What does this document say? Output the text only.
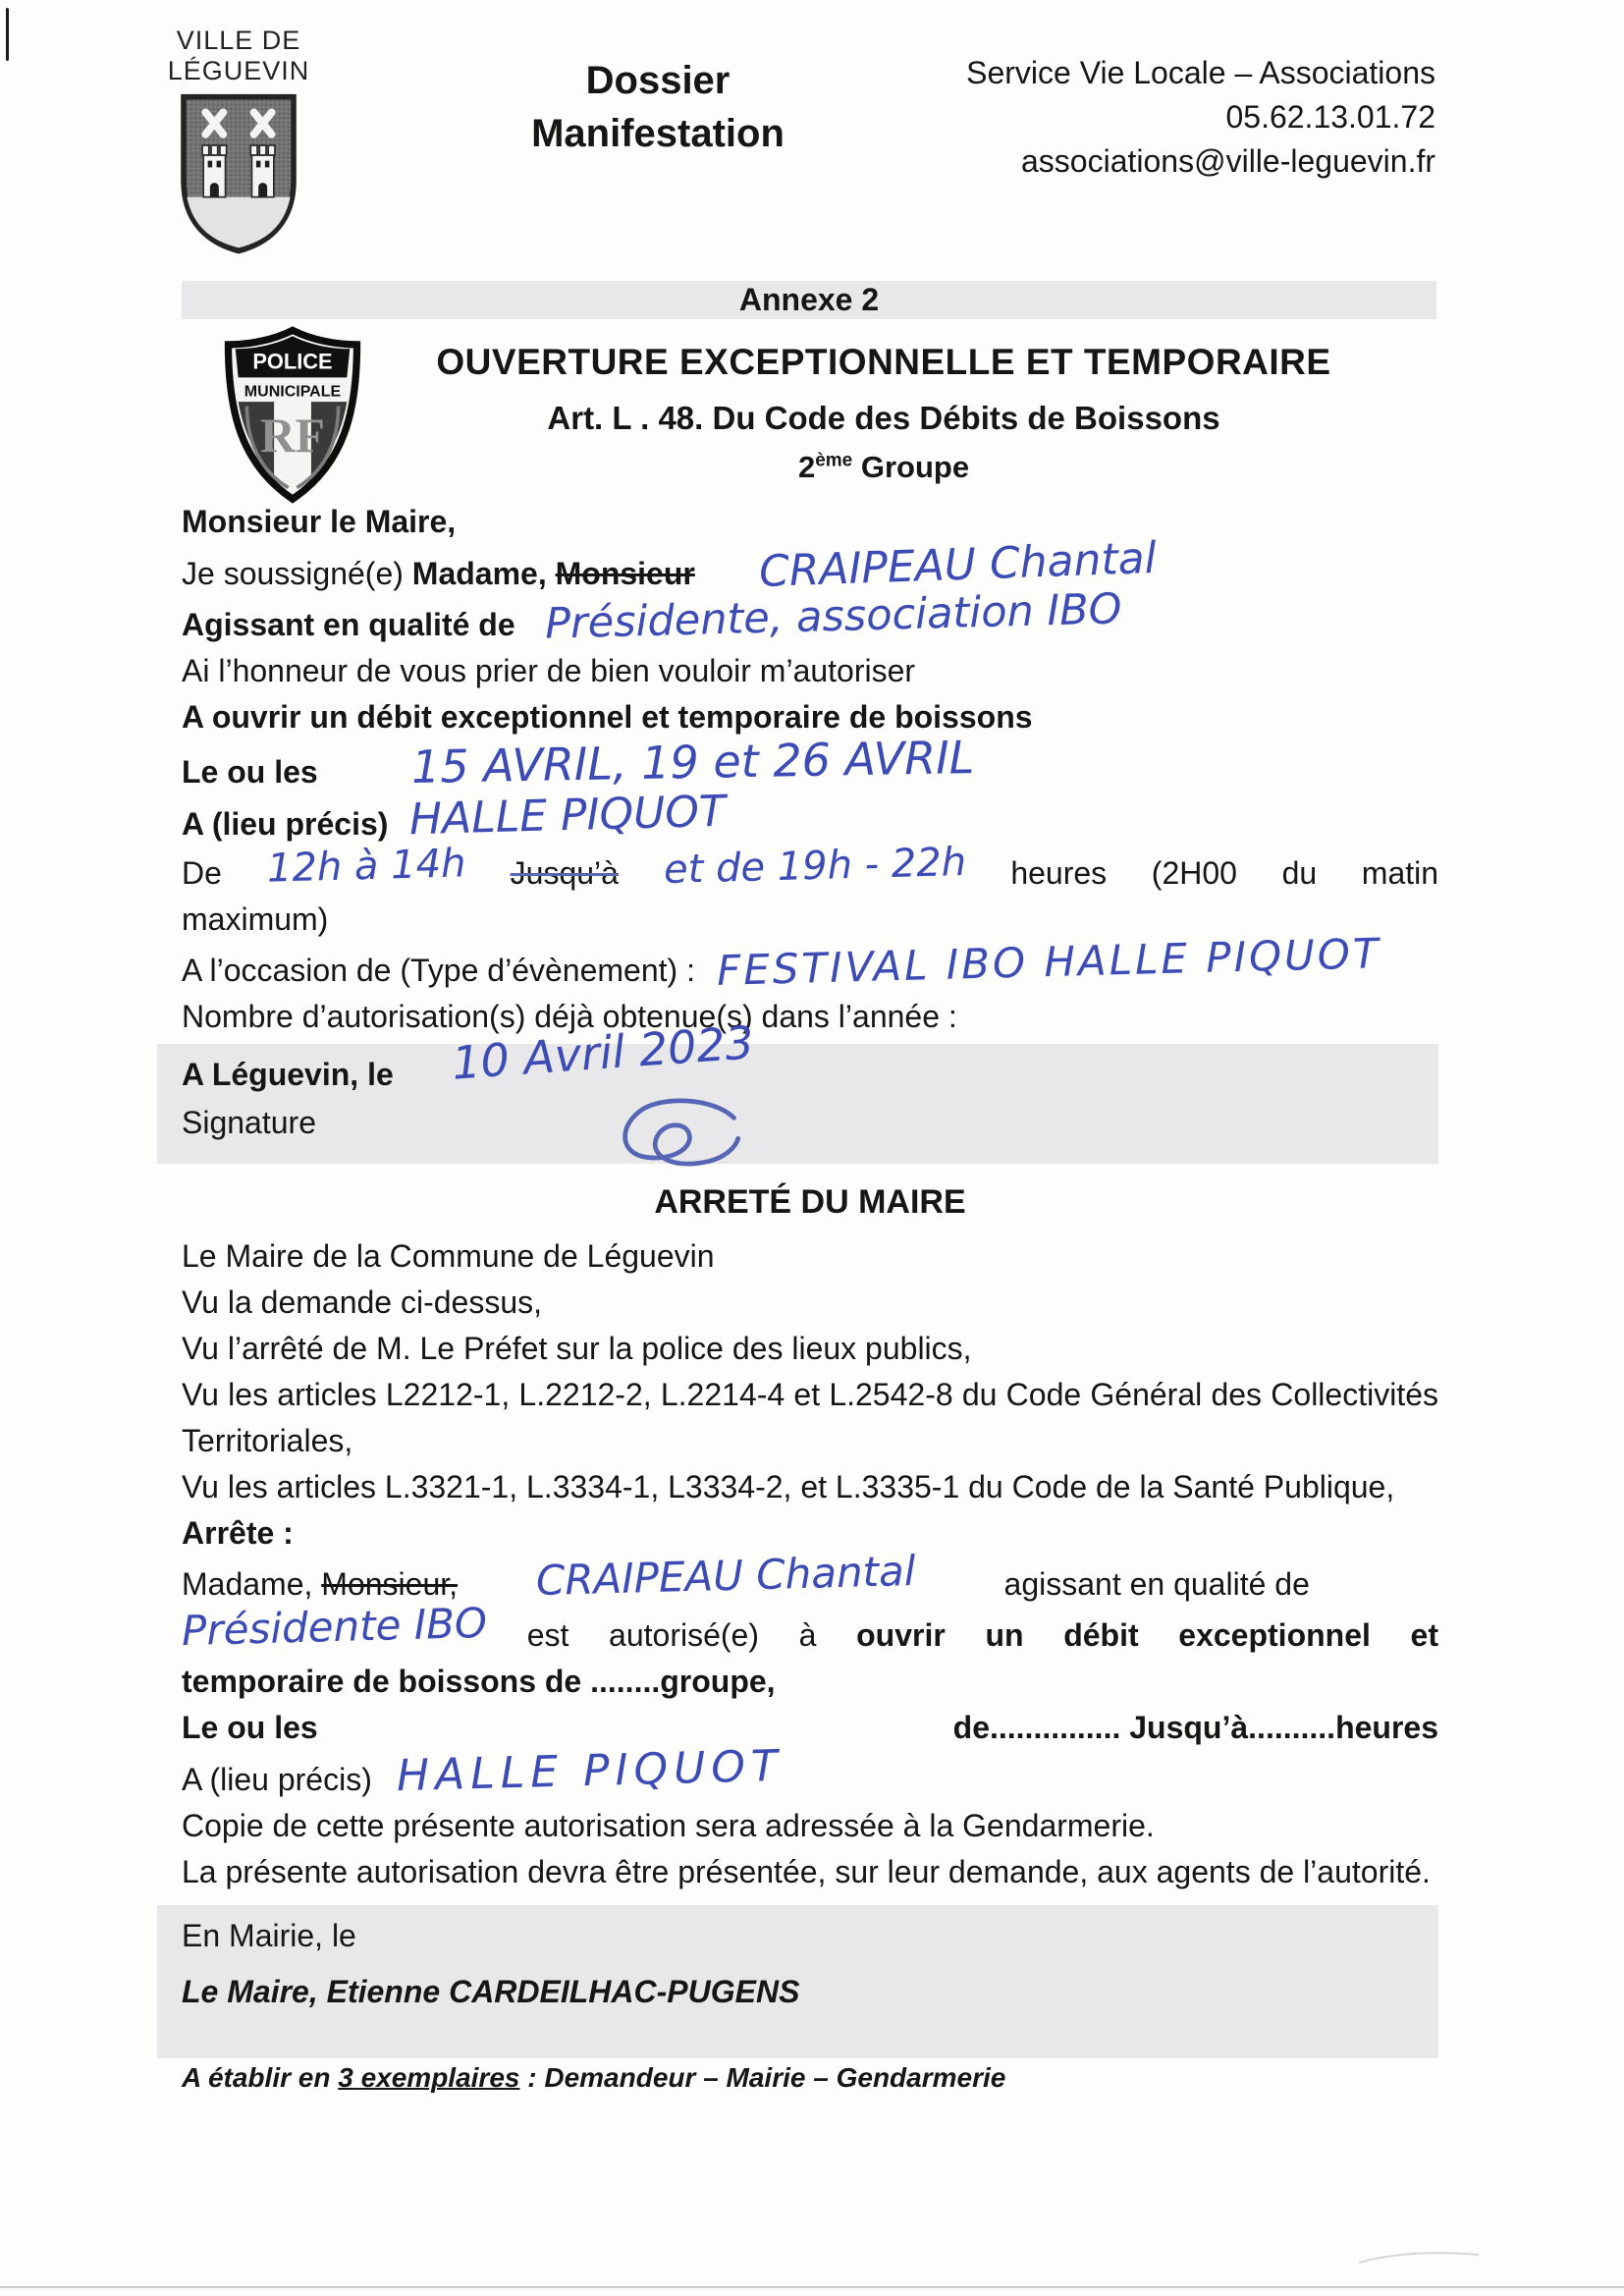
VILLE DE
LÉGUEVIN	Dossier
Manifestation
Service Vie Locale – Associations
05.62.13.01.72
associations@ville-leguevin.fr
Annexe 2
POLICE
MUNICIPALE
RF
OUVERTURE EXCEPTIONNELLE ET TEMPORAIRE
Art. L . 48. Du Code des Débits de Boissons
2ème Groupe

Monsieur le Maire,

Je soussigné(e) Madame, Monsieur CRAIPEAU Chantal

Agissant en qualité de Présidente, association IBO

Ai l’honneur de vous prier de bien vouloir m’autoriser

A ouvrir un débit exceptionnel et temporaire de boissons

Le ou les 15 AVRIL, 19 et 26 AVRIL

A (lieu précis) HALLE PIQUOT

De 12h à 14h Jusqu’à et de 19h - 22h heures (2H00 du matin

maximum)

A l’occasion de (Type d’évènement) : FESTIVAL IBO HALLE PIQUOT

Nombre d’autorisation(s) déjà obtenue(s) dans l’année :

A Léguevin, le	10 Avril 2023
Signature
ARRETÉ DU MAIRE

Le Maire de la Commune de Léguevin

Vu la demande ci-dessus,

Vu l’arrêté de M. Le Préfet sur la police des lieux publics,

Vu les articles L2212-1, L.2212-2, L.2214-4 et L.2542-8 du Code Général des Collectivités

Territoriales,

Vu les articles L.3321-1, L.3334-1, L3334-2, et L.3335-1 du Code de la Santé Publique,

Arrête :

Madame, Monsieur, CRAIPEAU Chantal	agissant en qualité de

Présidente IBO est autorisé(e) à ouvrir un débit exceptionnel et

temporaire de boissons de ........groupe,

Le ou les	de............... Jusqu’à..........heures

A (lieu précis) HALLE PIQUOT

Copie de cette présente autorisation sera adressée à la Gendarmerie.

La présente autorisation devra être présentée, sur leur demande, aux agents de l’autorité.

En Mairie, le
Le Maire, Etienne CARDEILHAC-PUGENS

A établir en 3 exemplaires : Demandeur – Mairie – Gendarmerie
